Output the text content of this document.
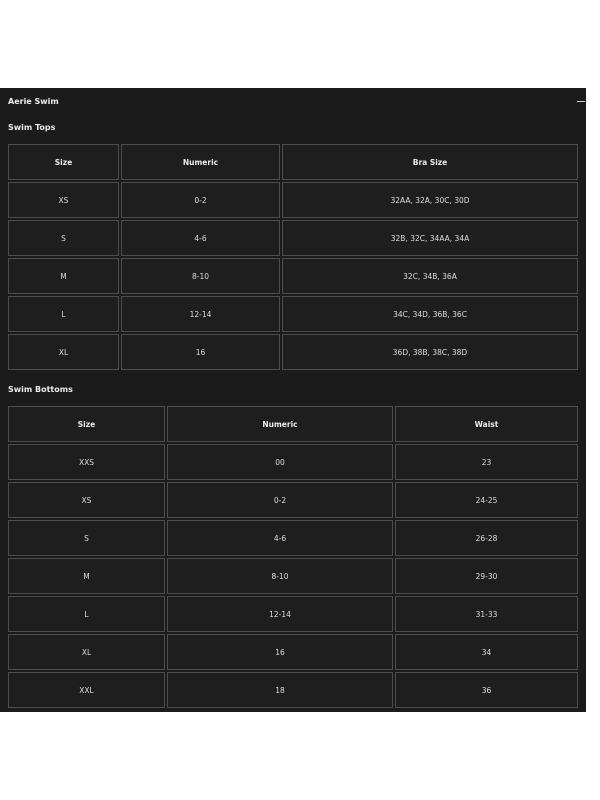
Aerie Swim
Swim Tops
Size	Numeric	Bra Size
XS	0-2	32AA, 32A, 30C, 30D
S	4-6	32B, 32C, 34AA, 34A
M	8-10	32C, 34B, 36A
L	12-14	34C, 34D, 36B, 36C
XL	16	36D, 38B, 38C, 38D
Swim Bottoms
Size	Numeric	Waist
XXS	00	23
XS	0-2	24-25
S	4-6	26-28
M	8-10	29-30
L	12-14	31-33
XL	16	34
XXL	18	36
